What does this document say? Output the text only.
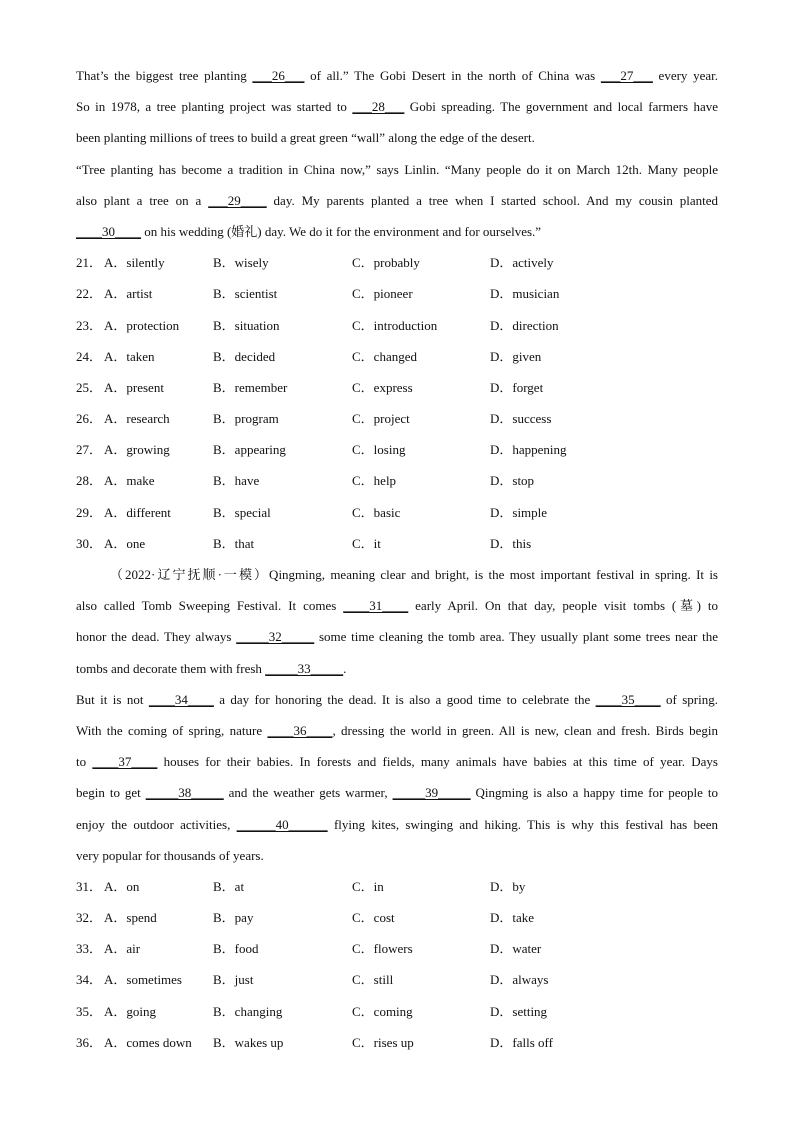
That’s the biggest tree planting ___26___ of all.” The Gobi Desert in the north of China was ___27___ every year.
So in 1978, a tree planting project was started to ___28___ Gobi spreading. The government and local farmers have
been planting millions of trees to build a great green “wall” along the edge of the desert.
“Tree planting has become a tradition in China now,” says Linlin. “Many people do it on March 12th. Many people
also plant a tree on a ___29____ day. My parents planted a tree when I started school. And my cousin planted
____30____ on his wedding (婚礼) day. We do it for the environment and for ourselves.”
21． A．silently	B．wisely	C．probably	D．actively
22． A．artist	B．scientist	C．pioneer	D．musician
23． A．protection	B．situation	C．introduction	D．direction
24． A．taken	B．decided	C．changed	D．given
25． A．present	B．remember	C．express	D．forget
26． A．research	B．program	C．project	D．success
27． A．growing	B．appearing	C．losing	D．happening
28． A．make	B．have	C．help	D．stop
29． A．different	B．special	C．basic	D．simple
30． A．one	B．that	C．it	D．this
（2022·辽宁抚顺·一模）Qingming, meaning clear and bright, is the most important festival in spring. It is
also called Tomb Sweeping Festival. It comes ____31____ early April. On that day, people visit tombs (墓) to
honor the dead. They always _____32_____ some time cleaning the tomb area. They usually plant some trees near the
tombs and decorate them with fresh _____33_____.
But it is not ____34____ a day for honoring the dead. It is also a good time to celebrate the ____35____ of spring.
With the coming of spring, nature ____36____, dressing the world in green. All is new, clean and fresh. Birds begin
to ____37____ houses for their babies. In forests and fields, many animals have babies at this time of year. Days
begin to get _____38_____ and the weather gets warmer, _____39_____ Qingming is also a happy time for people to
enjoy the outdoor activities, ______40______ flying kites, swinging and hiking. This is why this festival has been
very popular for thousands of years.
31． A．on	B．at	C．in	D．by
32． A．spend	B．pay	C．cost	D．take
33． A．air	B．food	C．flowers	D．water
34． A．sometimes B．just	C．still	D．always
35． A．going	B．changing	C．coming	D．setting
36． A．comes down B．wakes up	C．rises up	D．falls off
